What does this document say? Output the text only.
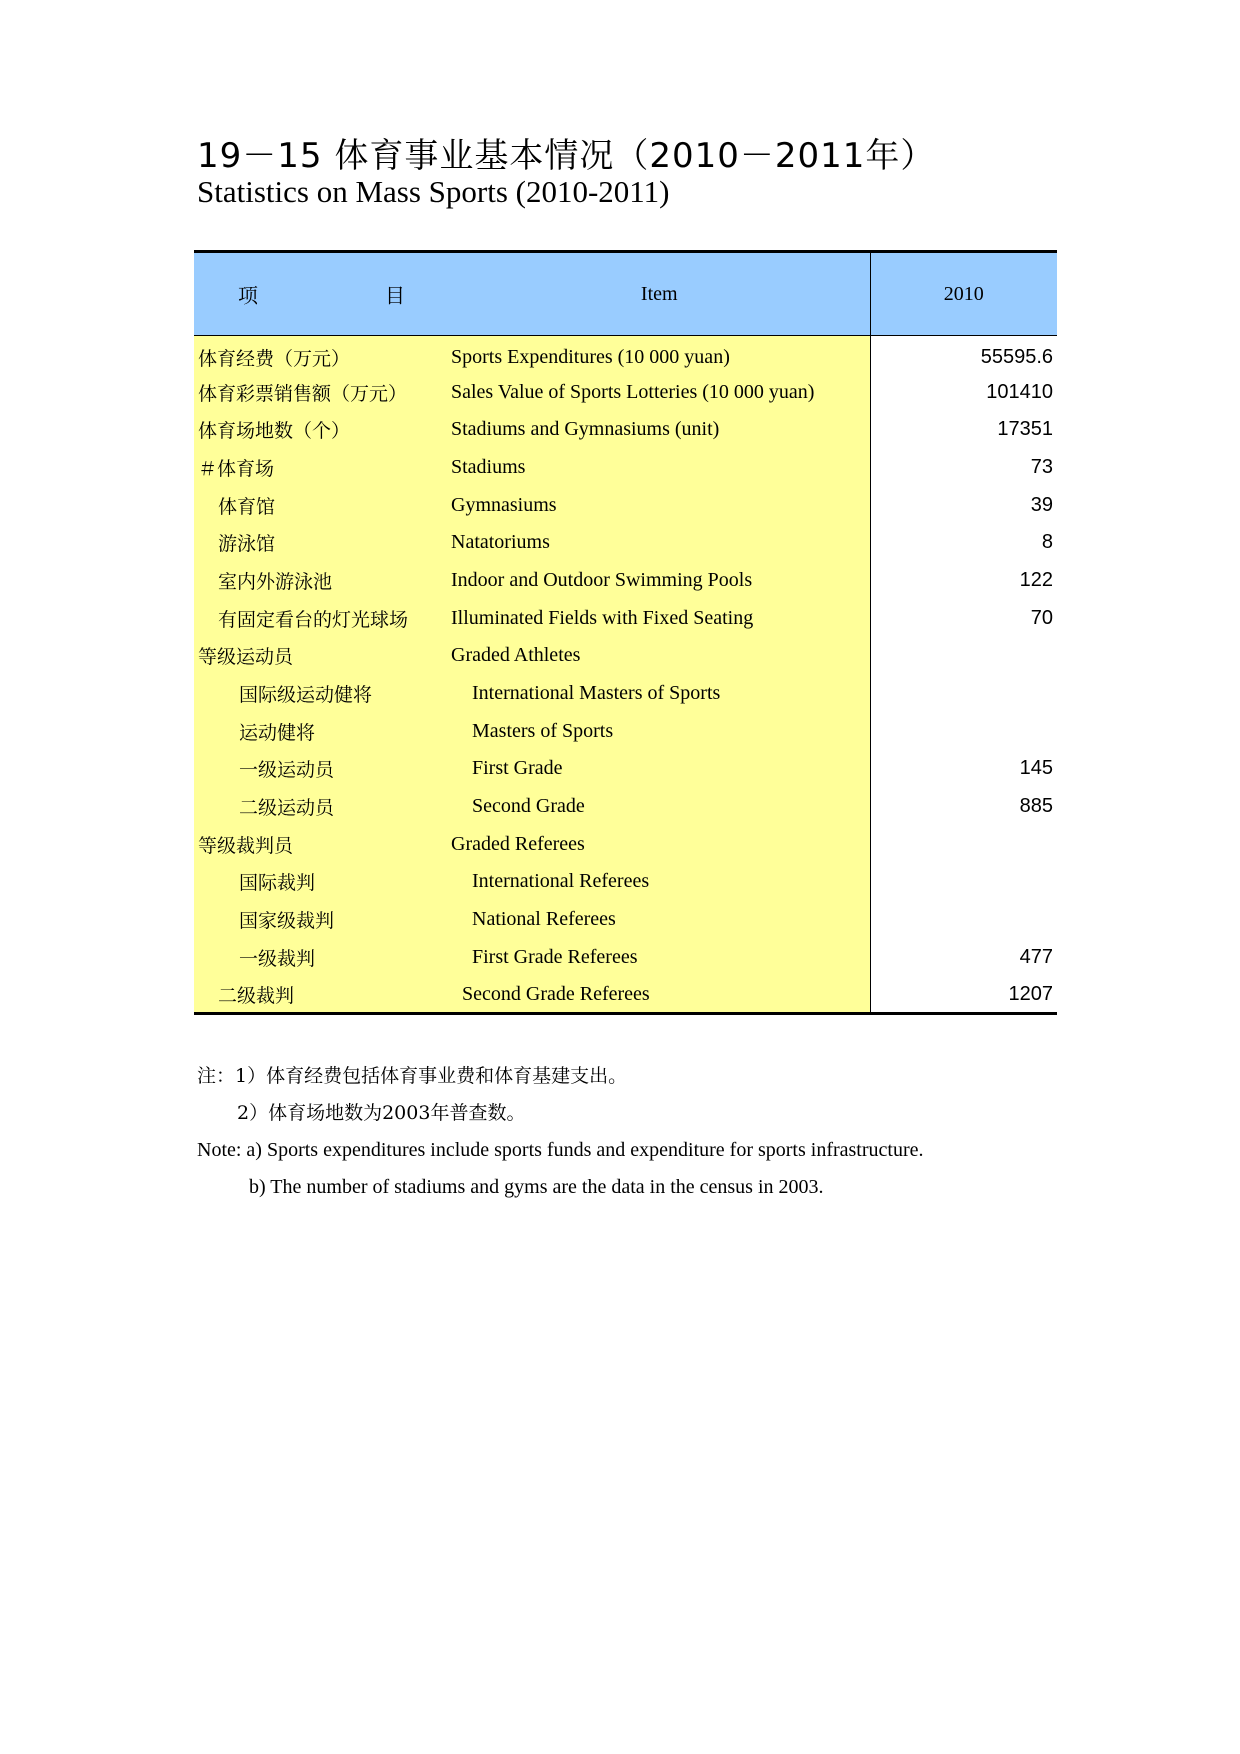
19－15 体育事业基本情况（2010－2011年）
Statistics on Mass Sports (2010-2011)
项 目	Item	2010
体育经费（万元）	Sports Expenditures (10 000 yuan)	55595.6
体育彩票销售额（万元）	Sales Value of Sports Lotteries (10 000 yuan)	101410
体育场地数（个）	Stadiums and Gymnasiums (unit)	17351
＃体育场	Stadiums	73
体育馆	Gymnasiums	39
游泳馆	Natatoriums	8
室内外游泳池	Indoor and Outdoor Swimming Pools	122
有固定看台的灯光球场	Illuminated Fields with Fixed Seating	70
等级运动员	Graded Athletes	
国际级运动健将	International Masters of Sports	
运动健将	Masters of Sports	
一级运动员	First Grade	145
二级运动员	Second Grade	885
等级裁判员	Graded Referees	
国际裁判	International Referees	
国家级裁判	National Referees	
一级裁判	First Grade Referees	477
二级裁判	Second Grade Referees	1207
注：1）体育经费包括体育事业费和体育基建支出。
2）体育场地数为2003年普查数。
Note: a) Sports expenditures include sports funds and expenditure for sports infrastructure.
b) The number of stadiums and gyms are the data in the census in 2003.
